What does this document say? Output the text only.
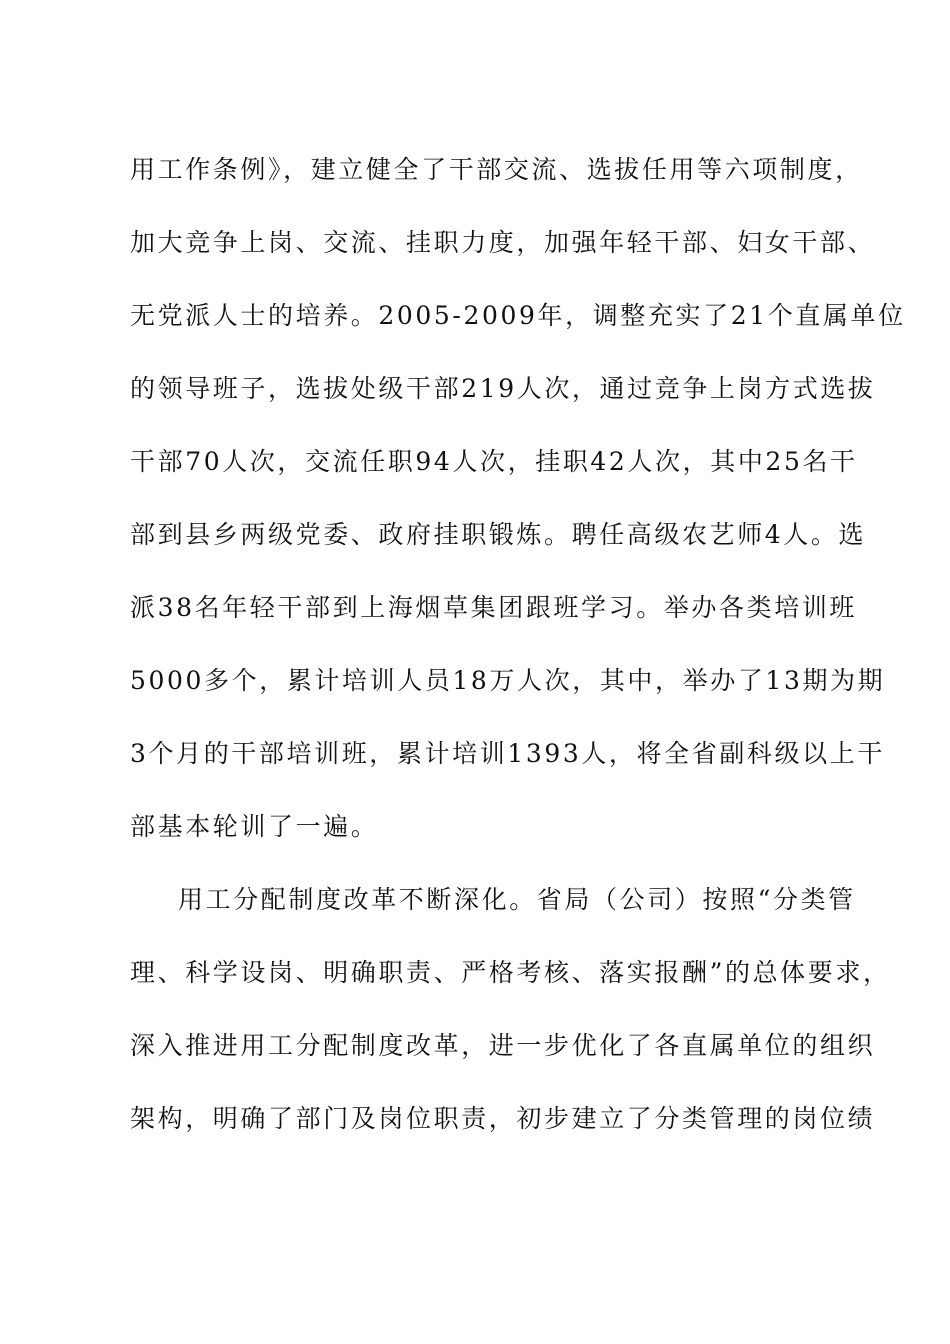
用工作条例》，建立健全了干部交流、选拔任用等六项制度，
加大竞争上岗、交流、挂职力度，加强年轻干部、妇女干部、
无党派人士的培养。2005-2009年，调整充实了21个直属单位
的领导班子，选拔处级干部219人次，通过竞争上岗方式选拔
干部70人次，交流任职94人次，挂职42人次，其中25名干
部到县乡两级党委、政府挂职锻炼。聘任高级农艺师4人。选
派38名年轻干部到上海烟草集团跟班学习。举办各类培训班
5000多个，累计培训人员18万人次，其中，举办了13期为期
3个月的干部培训班，累计培训1393人，将全省副科级以上干
部基本轮训了一遍。
用工分配制度改革不断深化。省局（公司）按照“分类管
理、科学设岗、明确职责、严格考核、落实报酬”的总体要求，
深入推进用工分配制度改革，进一步优化了各直属单位的组织
架构，明确了部门及岗位职责，初步建立了分类管理的岗位绩
